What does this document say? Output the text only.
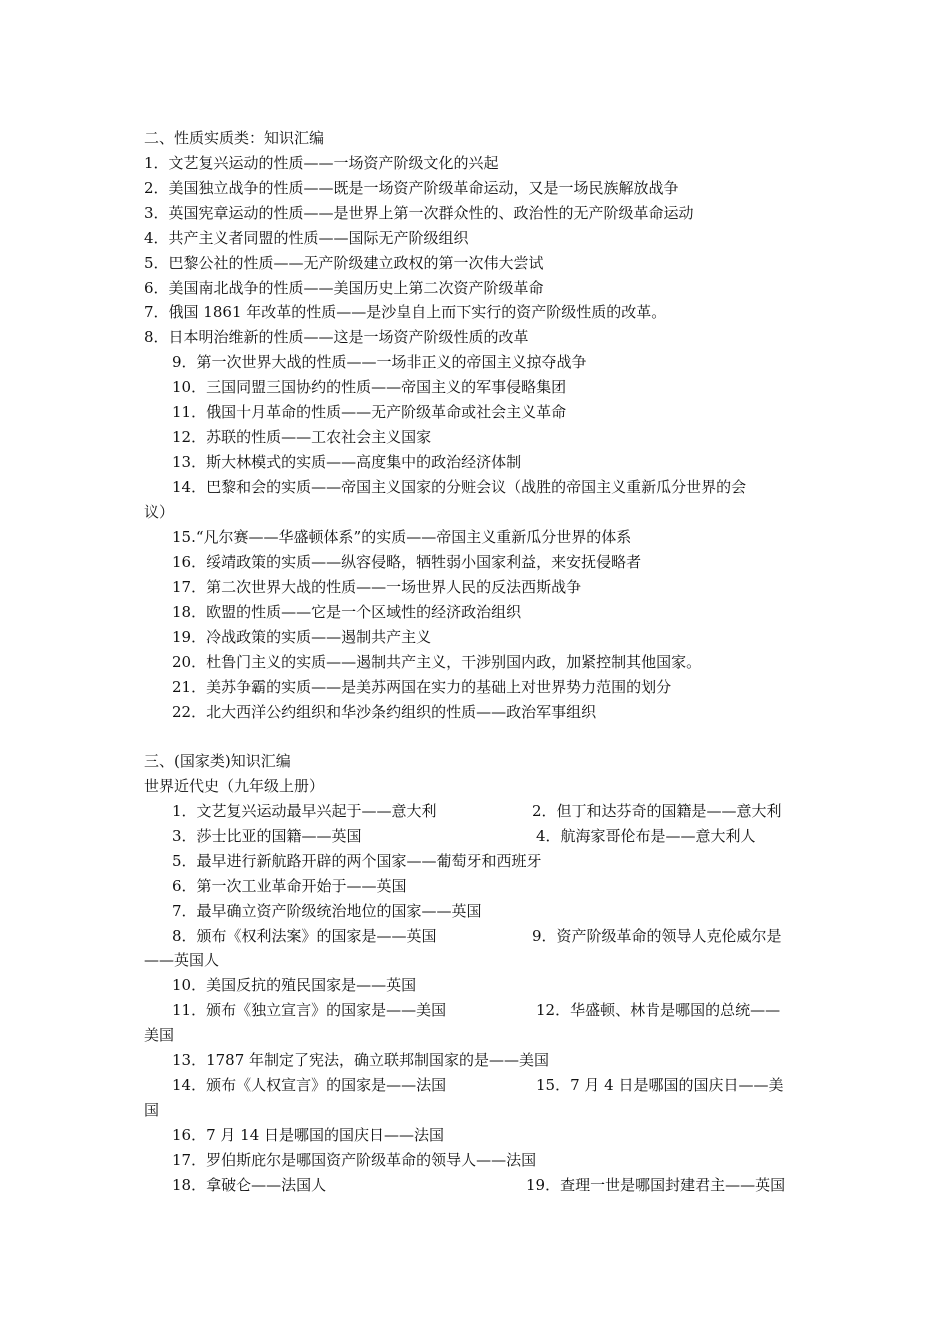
二、性质实质类：知识汇编
1．文艺复兴运动的性质——一场资产阶级文化的兴起
2．美国独立战争的性质——既是一场资产阶级革命运动，又是一场民族解放战争
3．英国宪章运动的性质——是世界上第一次群众性的、政治性的无产阶级革命运动
4．共产主义者同盟的性质——国际无产阶级组织
5．巴黎公社的性质——无产阶级建立政权的第一次伟大尝试
6．美国南北战争的性质——美国历史上第二次资产阶级革命
7．俄国 1861 年改革的性质——是沙皇自上而下实行的资产阶级性质的改革。
8．日本明治维新的性质——这是一场资产阶级性质的改革
9．第一次世界大战的性质——一场非正义的帝国主义掠夺战争
10．三国同盟三国协约的性质——帝国主义的军事侵略集团
11．俄国十月革命的性质——无产阶级革命或社会主义革命
12．苏联的性质——工农社会主义国家
13．斯大林模式的实质——高度集中的政治经济体制
14．巴黎和会的实质——帝国主义国家的分赃会议（战胜的帝国主义重新瓜分世界的会
议）
15.“凡尔赛——华盛顿体系”的实质——帝国主义重新瓜分世界的体系
16．绥靖政策的实质——纵容侵略，牺牲弱小国家利益，来安抚侵略者
17．第二次世界大战的性质——一场世界人民的反法西斯战争
18．欧盟的性质——它是一个区域性的经济政治组织
19．冷战政策的实质——遏制共产主义
20．杜鲁门主义的实质——遏制共产主义，干涉别国内政，加紧控制其他国家。
21．美苏争霸的实质——是美苏两国在实力的基础上对世界势力范围的划分
22．北大西洋公约组织和华沙条约组织的性质——政治军事组织
三、(国家类)知识汇编
世界近代史（九年级上册）
1．文艺复兴运动最早兴起于——意大利	2．但丁和达芬奇的国籍是——意大利
3．莎士比亚的国籍——英国	4．航海家哥伦布是——意大利人
5．最早进行新航路开辟的两个国家——葡萄牙和西班牙
6．第一次工业革命开始于——英国
7．最早确立资产阶级统治地位的国家——英国
8．颁布《权利法案》的国家是——英国	9．资产阶级革命的领导人克伦威尔是
——英国人
10．美国反抗的殖民国家是——英国
11．颁布《独立宣言》的国家是——美国	12．华盛顿、林肯是哪国的总统——
美国
13．1787 年制定了宪法，确立联邦制国家的是——美国
14．颁布《人权宣言》的国家是——法国	15．7 月 4 日是哪国的国庆日——美
国
16．7 月 14 日是哪国的国庆日——法国
17．罗伯斯庇尔是哪国资产阶级革命的领导人——法国
18．拿破仑——法国人	19．查理一世是哪国封建君主——英国
